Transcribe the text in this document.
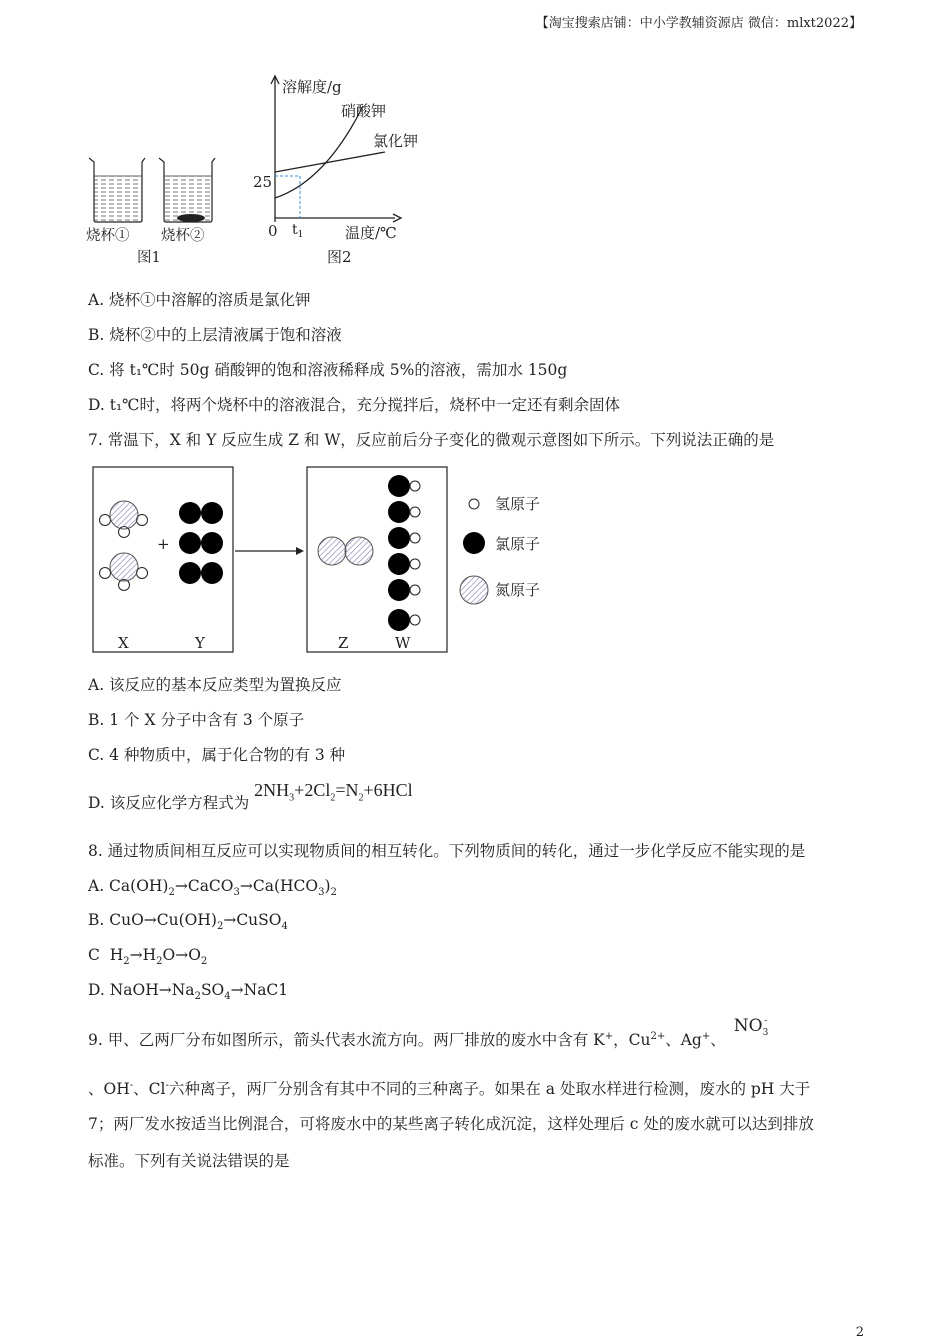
【淘宝搜索店铺：中小学教辅资源店 微信：mlxt2022】
烧杯① 烧杯②
图1
溶解度/g
硝酸钾
氯化钾
25
0 $t_1$	温度/℃
图2
A. 烧杯①中溶解的溶质是氯化钾
B. 烧杯②中的上层清液属于饱和溶液
C. 将 t₁℃时 50g 硝酸钾的饱和溶液稀释成 5%的溶液，需加水 150g
D. t₁℃时，将两个烧杯中的溶液混合，充分搅拌后，烧杯中一定还有剩余固体
7. 常温下，X 和 Y 反应生成 Z 和 W，反应前后分子变化的微观示意图如下所示。下列说法正确的是
+
X	Y	Z	W
氢原子
氯原子
氮原子
A. 该反应的基本反应类型为置换反应
B. 1 个 X 分子中含有 3 个原子
C. 4 种物质中，属于化合物的有 3 种
D. 该反应化学方程式为 $2NH_3+2Cl_2=N_2+6HCl$
8. 通过物质间相互反应可以实现物质间的相互转化。下列物质间的转化，通过一步化学反应不能实现的是
A. $Ca(OH)_2\to CaCO_3\to Ca(HCO_3)_2$
B. $CuO\to Cu(OH)_2\to CuSO_4$
C  $H_2\to H_2O\to O_2$
D. $NaOH\to Na_2SO_4\to NaC1$
9. 甲、乙两厂分布如图所示，箭头代表水流方向。两厂排放的废水中含有 K+，$Cu^{2+}$、Ag+、$NO_3^-$
、OH-、Cl-六种离子，两厂分别含有其中不同的三种离子。如果在 a 处取水样进行检测，废水的 pH 大于
7；两厂发水按适当比例混合，可将废水中的某些离子转化成沉淀，这样处理后 c 处的废水就可以达到排放
标准。下列有关说法错误的是
2
